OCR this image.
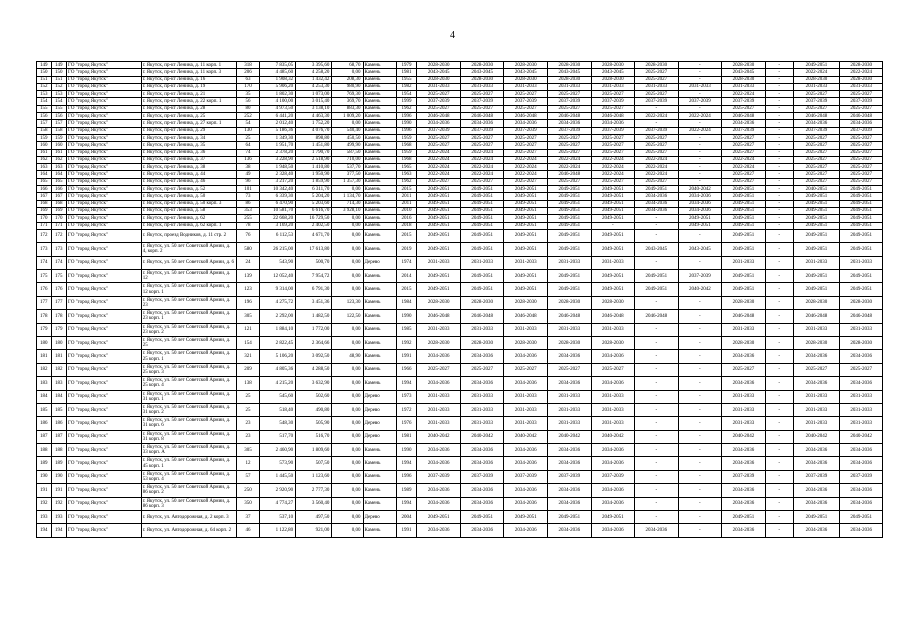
4
149	149	ГО "город Якутск"	г. Якутск, пр-кт Ленина, д. 11 корп. 1	318	7 835,05	3 395,60	68,70	Камень	1979	2028-2030	2028-2030	2028-2030	2028-2030	2028-2030	2028-2030	-	2028-2030	-	2049-2051	2028-2030
150	150	ГО "город Якутск"	г. Якутск, пр-кт Ленина, д. 11 корп. 3	206	4 485,60	4 258,20	0,00	Камень	1981	2043-2045	2043-2045	2043-2045	2043-2045	2043-2045	2025-2027	-	2043-2045	-	2022-2024	2022-2024
151	151	ГО "город Якутск"	г. Якутск, пр-кт Ленина, д. 16	63	1 908,32	1 432,42	208,30	Камень	1955	2028-2030	2028-2030	2028-2030	2028-2030	2028-2030	2025-2027	-	2028-2030	-	2028-2030	2028-2030
152	152	ГО "город Якутск"	г. Якутск, пр-кт Ленина, д. 19	170	5 906,20	4 253,30	980,90	Камень	1982	2031-2033	2031-2033	2031-2033	2031-2033	2031-2033	2031-2033	2031-2033	2031-2033	-	2031-2033	2031-2033
153	153	ГО "город Якутск"	г. Якутск, пр-кт Ленина, д. 21	35	1 802,30	1 073,00	769,30	Камень	1954	2025-2027	2025-2027	2025-2027	2025-2027	2025-2027	2025-2027	-	2022-2024	-	2025-2027	2025-2027
154	154	ГО "город Якутск"	г. Якутск, пр-кт Ленина, д. 22 корп. 1	56	4 100,00	3 015,40	369,70	Камень	1999	2037-2039	2037-2039	2037-2039	2037-2039	2037-2039	2037-2039	2037-2039	2037-2039	-	2037-2039	2037-2039
155	155	ГО "город Якутск"	г. Якутск, пр-кт Ленина, д. 28	80	4 973,50	3 138,10	883,30	Камень	1962	2025-2027	2025-2027	2025-2027	2025-2027	2025-2027	-	-	2025-2027	-	2025-2027	2025-2027
156	156	ГО "город Якутск"	г. Якутск, пр-кт Ленина, д. 25	252	6 441,20	4 463,30	1 009,20	Камень	1996	2046-2048	2046-2048	2046-2048	2046-2048	2046-2048	2022-2024	2022-2024	2046-2048	-	2046-2048	2046-2048
157	157	ГО "город Якутск"	г. Якутск, пр-кт Ленина, д. 27 корп. 1	54	2 012,40	1 752,20	0,00	Камень	1990	2034-2036	2034-2036	2034-2036	2034-2036	2034-2036	-	-	2034-2036	-	2034-2036	2034-2036
158	158	ГО "город Якутск"	г. Якутск, пр-кт Ленина, д. 29	130	5 186,36	4 076,70	540,40	Камень	1996	2037-2039	2037-2039	2037-2039	2037-2039	2037-2039	2037-2039	2022-2024	2037-2039	-	2037-2039	2037-2039
159	159	ГО "город Якутск"	г. Якутск, пр-кт Ленина, д. 34	25	1 349,30	898,80	450,50	Камень	1959	2025-2027	2025-2027	2025-2027	2025-2027	2025-2027	2025-2027	-	2025-2027	-	2025-2027	2025-2027
160	160	ГО "город Якутск"	г. Якутск, пр-кт Ленина, д. 35	64	1 951,70	1 451,80	499,90	Камень	1968	2025-2027	2025-2027	2025-2027	2025-2027	2025-2027	2025-2027	-	2025-2027	-	2025-2027	2025-2027
161	161	ГО "город Якутск"	г. Якутск, пр-кт Ленина, д. 36	74	2 378,20	1 790,70	587,50	Камень	1959	2022-2024	2022-2024	2025-2027	2025-2027	2025-2027	2025-2027	-	2025-2027	-	2025-2027	2025-2027
162	162	ГО "город Якутск"	г. Якутск, пр-кт Ленина, д. 37	136	3 228,90	2 518,90	710,00	Камень	1968	2022-2024	2022-2024	2022-2024	2022-2024	2022-2024	2022-2024	-	2022-2024	-	2025-2027	2025-2027
163	163	ГО "город Якутск"	г. Якутск, пр-кт Ленина, д. 38	38	1 948,50	1 410,80	537,70	Камень	1965	2022-2024	2022-2024	2022-2024	2022-2024	2022-2024	2022-2024	-	2022-2024	-	2025-2027	2025-2027
164	164	ГО "город Якутск"	г. Якутск, пр-кт Ленина, д. 44	49	2 328,40	1 950,90	377,50	Камень	1963	2022-2024	2022-2024	2022-2024	2046-2048	2022-2024	2022-2024	-	2025-2027	-	2025-2027	2025-2027
165	165	ГО "город Якутск"	г. Якутск, пр-кт Ленина, д. 46	96	3 217,20	1 859,90	1 357,30	Камень	1962	2025-2027	2025-2027	2025-2027	2025-2027	2025-2027	2025-2027	-	2025-2027	-	2025-2027	2025-2027
166	166	ГО "город Якутск"	г. Якутск, пр-кт Ленина, д. 52	101	10 342,40	6 311,70	0,00	Камень	2015	2049-2051	2049-2051	2049-2051	2049-2051	2049-2051	2049-2051	2040-2042	2049-2051	-	2040-2051	2049-2051
167	167	ГО "город Якутск"	г. Якутск, пр-кт Ленина, д. 50	73	6 339,30	5 204,20	1 134,70	Камень	2011	2049-2051	2049-2051	2049-2051	2049-2051	2049-2051	2034-2036	2034-2036	2049-2051	-	2049-2051	2049-2051
168	168	ГО "город Якутск"	г. Якутск, пр-кт Ленина, д. 50 корп. 3	86	6 470,90	5 203,60	714,30	Камень	2011	2049-2051	2049-2051	2049-2051	2049-2051	2049-2051	2034-2036	2034-2036	2049-2051	-	2049-2051	2049-2051
169	169	ГО "город Якутск"	г. Якутск, пр-кт Ленина, д. 58	353	10 581,70	6 616,70	3 928,10	Камень	2010	2049-2051	2049-2051	2049-2051	2049-2051	2049-2051	2034-2036	2034-2036	2049-2051	-	2049-2051	2049-2051
170	170	ГО "город Якутск"	г. Якутск, пр-кт Ленина, д. 62	255	22 668,20	16 729,50	0,00	Камень	2016	2049-2051	2049-2051	2049-2051	2049-2051	2049-2051	-	2049-2051	2049-2051	-	2049-2051	2049-2051
171	171	ГО "город Якутск"	г. Якутск, пр-кт Ленина, д. 62 корп. 1	78	3 169,20	2 402,50	0,00	Камень	2018	2049-2051	2049-2051	2049-2051	2049-2051	-	-	2049-2051	2049-2051	-	2049-2051	2049-2051
172	172	ГО "город Якутск"	г. Якутск, проезд Водников, д. 11 стр. 2	76	6 112,53	4 671,70	0,00	Камень	2015	2049-2051	2049-2051	2049-2051	2049-2051	2049-2051	-	-	2049-2051	-	2049-2051	2049-2051
173	173	ГО "город Якутск"	г. Якутск, ул. 50 лет Советской Армии, д. 4, корп. 2	580	26 215,00	17 613,80	0,00	Камень	2019	2049-2051	2049-2051	2049-2051	2049-2051	2049-2051	2043-2045	2043-2045	2049-2051	-	2049-2051	2049-2051
174	174	ГО "город Якутск"	г. Якутск, ул. 50 лет Советской Армии, д. 6	24	543,90	500,70	0,00	Дерево	1974	2031-2033	2031-2033	2031-2033	2031-2033	2031-2033	-	-	2031-2033	-	2031-2033	2031-2033
175	175	ГО "город Якутск"	г. Якутск, ул. 50 лет Советской Армии, д. 12	139	12 052,40	7 954,72	0,00	Камень	2014	2049-2051	2049-2051	2049-2051	2049-2051	2049-2051	2049-2051	2037-2039	2049-2051	-	2049-2051	2049-2051
176	176	ГО "город Якутск"	г. Якутск, ул. 50 лет Советской Армии, д. 12 корп. 1	123	9 314,00	6 791,30	0,00	Камень	2015	2049-2051	2049-2051	2049-2051	2049-2051	2049-2051	2049-2051	2040-2042	2049-2051	-	2049-2051	2049-2051
177	177	ГО "город Якутск"	г. Якутск, ул. 50 лет Советской Армии, д. 23	196	4 275,72	3 451,36	123,30	Камень	1984	2028-2030	2028-2030	2028-2030	2028-2030	2028-2030	-	-	2028-2030	-	2028-2030	2028-2030
178	178	ГО "город Якутск"	г. Якутск, ул. 50 лет Советской Армии, д. 23 корп. 1	305	2 292,00	1 482,50	122,50	Камень	1990	2046-2048	2046-2048	2046-2048	2046-2048	2046-2048	2046-2048	-	2046-2048	-	2046-2048	2046-2048
179	179	ГО "город Якутск"	г. Якутск, ул. 50 лет Советской Армии, д. 23 корп. 2	121	1 884,10	1 772,00	0,00	Камень	1985	2031-2033	2031-2033	2031-2033	2031-2033	2031-2033	-	-	2031-2033	-	2031-2033	2031-2033
180	180	ГО "город Якутск"	г. Якутск, ул. 50 лет Советской Армии, д. 25	154	2 822,45	2 364,66	0,00	Камень	1992	2028-2030	2028-2030	2028-2030	2028-2030	2028-2030	-	-	2028-2030	-	2028-2030	2028-2030
181	181	ГО "город Якутск"	г. Якутск, ул. 50 лет Советской Армии, д. 25 корп. 1	321	5 106,20	3 092,50	48,90	Камень	1991	2034-2036	2034-2036	2034-2036	2034-2036	2034-2036	-	-	2034-2036	-	2034-2036	2034-2036
182	182	ГО "город Якутск"	г. Якутск, ул. 50 лет Советской Армии, д. 25 корп. 3	209	4 805,36	4 288,50	0,00	Камень	1966	2025-2027	2025-2027	2025-2027	2025-2027	2025-2027	-	-	2025-2027	-	2025-2027	2025-2027
183	183	ГО "город Якутск"	г. Якутск, ул. 50 лет Советской Армии, д. 25 корп. 4	138	4 215,20	3 632,90	0,00	Камень	1994	2034-2036	2034-2036	2034-2036	2034-2036	2034-2036	-	-	2034-2036	-	2034-2036	2034-2036
184	184	ГО "город Якутск"	г. Якутск, ул. 50 лет Советской Армии, д. 31 корп. 1	25	545,60	502,60	0,00	Дерево	1973	2031-2033	2031-2033	2031-2033	2031-2033	2031-2033	-	-	2031-2033	-	2031-2033	2031-2033
185	185	ГО "город Якутск"	г. Якутск, ул. 50 лет Советской Армии, д. 31 корп. 2	25	518,40	490,80	0,00	Дерево	1972	2031-2033	2031-2033	2031-2033	2031-2033	2031-2033	-	-	2031-2033	-	2031-2033	2031-2033
186	186	ГО "город Якутск"	г. Якутск, ул. 50 лет Советской Армии, д. 31 корп. 6	23	548,30	505,90	0,00	Дерево	1976	2031-2033	2031-2033	2031-2033	2031-2033	2031-2033	-	-	2031-2033	-	2031-2033	2031-2033
187	187	ГО "город Якутск"	г. Якутск, ул. 50 лет Советской Армии, д. 31 корп. 8	23	517,70	516,70	0,00	Дерево	1981	2040-2042	2040-2042	2040-2042	2040-2042	2040-2042	-	-	2040-2042	-	2040-2042	2040-2042
188	188	ГО "город Якутск"	г. Якутск, ул. 50 лет Советской Армии, д. 33 корп. А	305	2 460,90	1 809,60	0,00	Камень	1990	2034-2036	2034-2036	2034-2036	2034-2036	2034-2036	-	-	2034-2036	-	2034-2036	2034-2036
189	189	ГО "город Якутск"	г. Якутск, ул. 50 лет Советской Армии, д. 45 корп. 1	12	573,90	507,50	0,00	Камень	1994	2034-2036	2034-2036	2034-2036	2034-2036	2034-2036	-	-	2034-2036	-	2034-2036	2034-2036
190	190	ГО "город Якутск"	г. Якутск, ул. 50 лет Советской Армии, д. 53 корп. 4	57	1 445,50	1 123,60	0,00	Камень	1996	2037-2039	2037-2039	2037-2039	2037-2039	2037-2039	-	-	2037-2039	-	2037-2039	2037-2039
191	191	ГО "город Якутск"	г. Якутск, ул. 50 лет Советской Армии, д. 86 корп. 2	250	2 920,90	2 777,30	0,00	Камень	1989	2034-2036	2034-2036	2034-2036	2034-2036	2034-2036	-	-	2034-2036	-	2034-2036	2034-2036
192	192	ГО "город Якутск"	г. Якутск, ул. 50 лет Советской Армии, д. 86 корп. 3	350	4 774,27	3 560,40	0,00	Камень	1994	2034-2036	2034-2036	2034-2036	2034-2036	2034-2036	-	-	2034-2036	-	2034-2036	2034-2036
193	193	ГО "город Якутск"	г. Якутск, ул. Автодорожная, д. 2 корп. 3	37	537,10	497,50	0,00	Дерево	2004	2049-2051	2049-2051	2049-2051	2049-2051	2049-2051	-	-	2049-2051	-	2049-2051	2049-2051
194	194	ГО "город Якутск"	г. Якутск, ул. Автодорожная, д. 64 корп. 2	46	1 122,80	921,00	0,00	Камень	1991	2034-2036	2034-2036	2034-2036	2034-2036	2034-2036	2034-2036	-	2034-2036	-	2034-2036	2034-2036
